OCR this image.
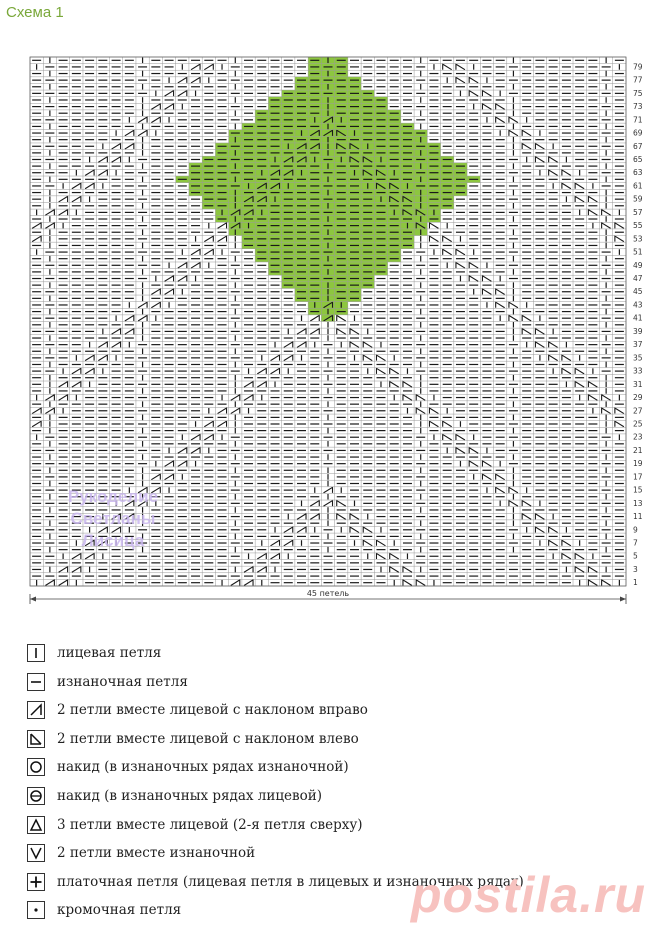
Схема 1
1
3
5
7
9
11
13
15
17
19
21
23
25
27
29
31
33
35
37
39
41
43
45
47
49
51
53
55
57
59
61
63
65
67
69
71
73
75
77
79
45 петель
Рукоделие
Светланы
Лисица
лицевая петля
изнаночная петля
2 петли вместе лицевой с наклоном вправо
2 петли вместе лицевой с наклоном влево
накид (в изнаночных рядах изнаночной)
накид (в изнаночных рядах лицевой)
3 петли вместе лицевой (2-я петля сверху)
2 петли вместе изнаночной
платочная петля (лицевая петля в лицевых и изнаночных рядах)
кромочная петля	postila.ru
